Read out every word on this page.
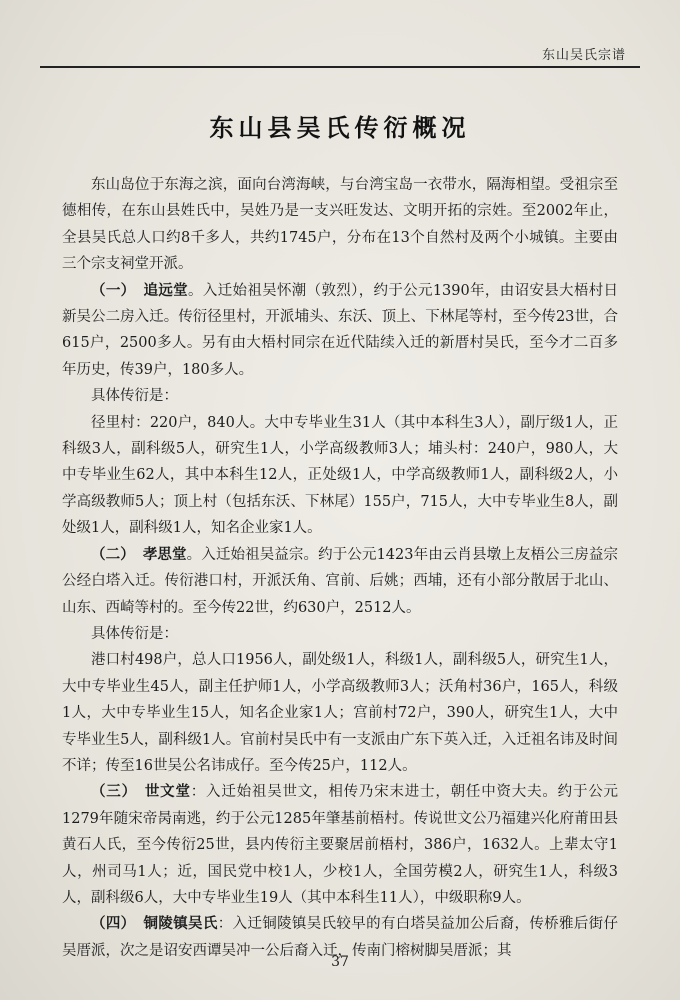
东山吴氏宗谱
东山县吴氏传衍概况

东山岛位于东海之滨，面向台湾海峡，与台湾宝岛一衣带水，隔海相望。受祖宗至德相传，在东山县姓氏中，吴姓乃是一支兴旺发达、文明开拓的宗姓。至2002年止，全县吴氏总人口约8千多人，共约1745户，分布在13个自然村及两个小城镇。主要由三个宗支祠堂开派。

（一） 追远堂。入迁始祖吴怀潮（敦烈），约于公元1390年，由诏安县大梧村日新吴公二房入迁。传衍径里村，开派埔头、东沃、顶上、下林尾等村，至今传23世，合615户，2500多人。另有由大梧村同宗在近代陆续入迁的新厝村吴氏，至今才二百多年历史，传39户，180多人。

具体传衍是：

径里村：220户，840人。大中专毕业生31人（其中本科生3人），副厅级1人，正科级3人，副科级5人，研究生1人，小学高级教师3人；埔头村：240户，980人，大中专毕业生62人，其中本科生12人，正处级1人，中学高级教师1人，副科级2人，小学高级教师5人；顶上村（包括东沃、下林尾）155户，715人，大中专毕业生8人，副处级1人，副科级1人，知名企业家1人。

（二） 孝思堂。入迁始祖吴益宗。约于公元1423年由云肖县墩上友梧公三房益宗公经白塔入迁。传衍港口村，开派沃角、宫前、后姚；西埔，还有小部分散居于北山、山东、西崎等村的。至今传22世，约630户，2512人。

具体传衍是：

港口村498户，总人口1956人，副处级1人，科级1人，副科级5人，研究生1人，大中专毕业生45人，副主任护师1人，小学高级教师3人；沃角村36户，165人，科级1人，大中专毕业生15人，知名企业家1人；宫前村72户，390人，研究生1人，大中专毕业生5人，副科级1人。官前村吴氏中有一支派由广东下英入迁，入迁祖名讳及时间不详；传至16世吴公名讳成仔。至今传25户，112人。

（三） 世文堂：入迁始祖吴世文，相传乃宋末进士，朝任中资大夫。约于公元1279年随宋帝昺南逃，约于公元1285年肇基前梧村。传说世文公乃福建兴化府莆田县黄石人氏，至今传衍25世，县内传衍主要聚居前梧村，386户，1632人。上辈太守1人，州司马1人；近，国民党中校1人，少校1人，全国劳模2人，研究生1人，科级3人，副科级6人，大中专毕业生19人（其中本科生11人），中级职称9人。

（四） 铜陵镇吴氏：入迁铜陵镇吴氏较早的有白塔吴益加公后裔，传桥雅后街仔吴厝派，次之是诏安西谭吴冲一公后裔入迁，传南门榕树脚吴厝派；其

37
